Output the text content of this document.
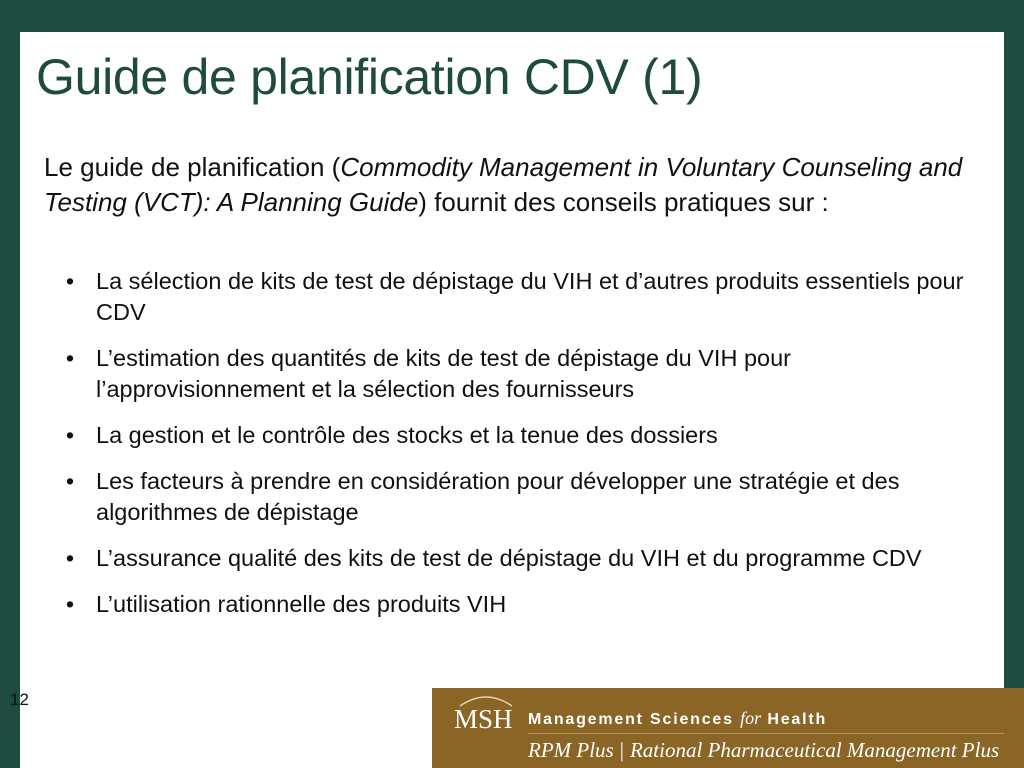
Guide de planification CDV (1)

Le guide de planification (Commodity Management in Voluntary Counseling and Testing (VCT): A Planning Guide) fournit des conseils pratiques sur :

• La sélection de kits de test de dépistage du VIH et d’autres produits essentiels pour CDV
• L’estimation des quantités de kits de test de dépistage du VIH pour l’approvisionnement et la sélection des fournisseurs
• La gestion et le contrôle des stocks et la tenue des dossiers
• Les facteurs à prendre en considération pour développer une stratégie et des algorithmes de dépistage
• L’assurance qualité des kits de test de dépistage du VIH et du programme CDV
• L’utilisation rationnelle des produits VIH
12
MSH Management Sciences for Health
RPM Plus | Rational Pharmaceutical Management Plus
